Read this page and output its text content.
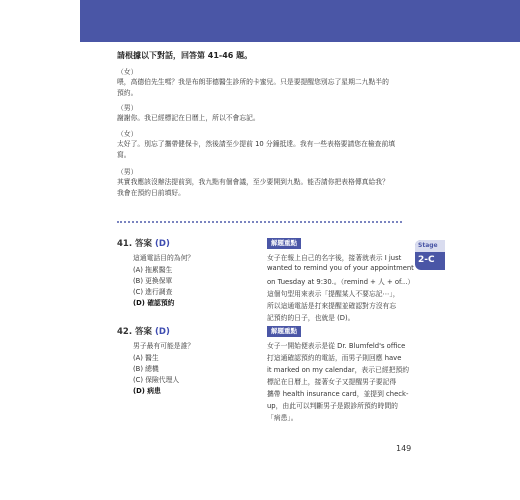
請根據以下對話，回答第 41-46 題。
（女）
喂，高德伯先生嗎？我是布朗菲德醫生診所的卡蜜兒。只是要提醒您別忘了星期二九點半的
預約。
（男）
謝謝你。我已經標記在日曆上，所以不會忘記。
（女）
太好了。別忘了攜帶健保卡，然後請至少提前 10 分鐘抵達。我有一些表格要請您在檢查前填
寫。
（男）
其實我應該沒辦法提前到，我九點有個會議，至少要開到九點。能否請你把表格傳真給我？
我會在預約日前填好。
41. 答案 (D)
這通電話目的為何？
(A) 拖累醫生
(B) 更換保單
(C) 進行調查
(D) 確認預約
解題重點
女子在報上自己的名字後，接著就表示 I just
wanted to remind you of your appointment
on Tuesday at 9:30.。（remind + 人 + of...）
這個句型用來表示「提醒某人不要忘記⋯」，
所以這通電話是打來提醒並確認對方沒有忘
記預約的日子，也就是 (D)。
42. 答案 (D)
男子最有可能是誰？
(A) 醫生
(B) 總機
(C) 保險代理人
(D) 病患
解題重點
女子一開始便表示是從 Dr. Blumfeld's office
打這通確認預約的電話，而男子則回應 have
it marked on my calendar，表示已經把預約
標記在日曆上，接著女子又提醒男子要記得
攜帶 health insurance card，並提到 check-
up，由此可以判斷男子是跟診所預約時間的
「病患」。
Stage
2-C
149
